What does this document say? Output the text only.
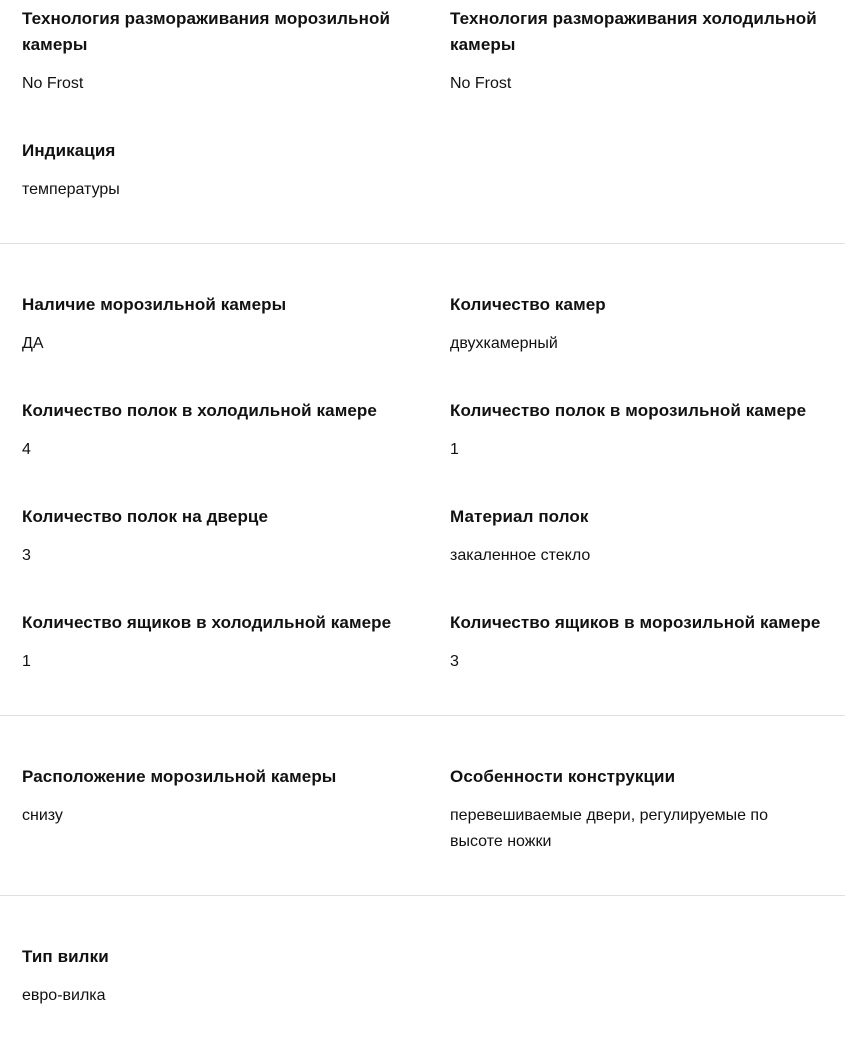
Технология размораживания морозильной камеры
No Frost
Технология размораживания холодильной камеры
No Frost
Индикация
температуры
Наличие морозильной камеры
ДА
Количество камер
двухкамерный
Количество полок в холодильной камере
4
Количество полок в морозильной камере
1
Количество полок на дверце
3
Материал полок
закаленное стекло
Количество ящиков в холодильной камере
1
Количество ящиков в морозильной камере
3
Расположение морозильной камеры
снизу
Особенности конструкции
перевешиваемые двери, регулируемые по высоте ножки
Тип вилки
евро-вилка
